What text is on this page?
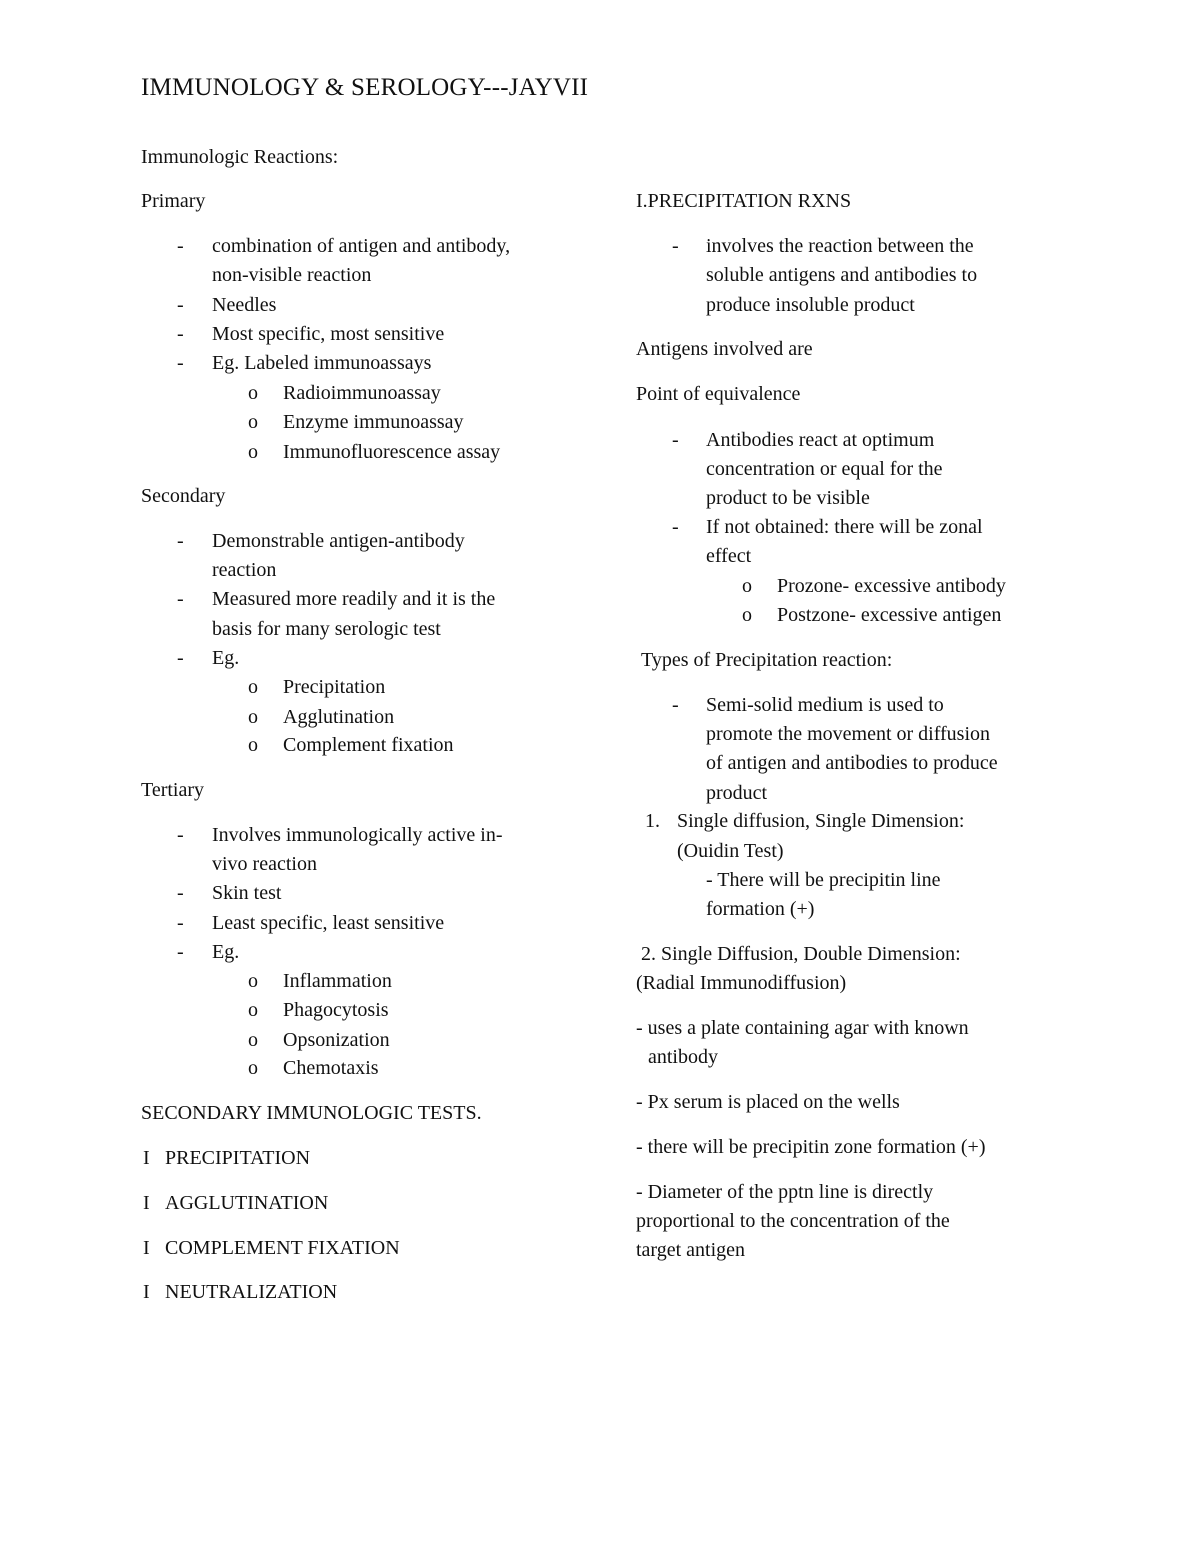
IMMUNOLOGY & SEROLOGY---JAYVII
Immunologic Reactions:
Primary
- combination of antigen and antibody,
non-visible reaction
- Needles
- Most specific, most sensitive
- Eg. Labeled immunoassays
o Radioimmunoassay
o Enzyme immunoassay
o Immunofluorescence assay
Secondary
- Demonstrable antigen-antibody
reaction
- Measured more readily and it is the
basis for many serologic test
- Eg.
o Precipitation
o Agglutination
o Complement fixation
Tertiary
- Involves immunologically active in-
vivo reaction
- Skin test
- Least specific, least sensitive
- Eg.
o Inflammation
o Phagocytosis
o Opsonization
o Chemotaxis
SECONDARY IMMUNOLOGIC TESTS.
I PRECIPITATION
I AGGLUTINATION
I COMPLEMENT FIXATION
I NEUTRALIZATION
I.PRECIPITATION RXNS
- involves the reaction between the
soluble antigens and antibodies to
produce insoluble product
Antigens involved are
Point of equivalence
- Antibodies react at optimum
concentration or equal for the
product to be visible
- If not obtained: there will be zonal
effect
o Prozone- excessive antibody
o Postzone- excessive antigen
Types of Precipitation reaction:
- Semi-solid medium is used to
promote the movement or diffusion
of antigen and antibodies to produce
product
1. Single diffusion, Single Dimension:
(Ouidin Test)
- There will be precipitin line
formation (+)
2. Single Diffusion, Double Dimension:
(Radial Immunodiffusion)
- uses a plate containing agar with known
antibody
- Px serum is placed on the wells
- there will be precipitin zone formation (+)
- Diameter of the pptn line is directly
proportional to the concentration of the
target antigen
